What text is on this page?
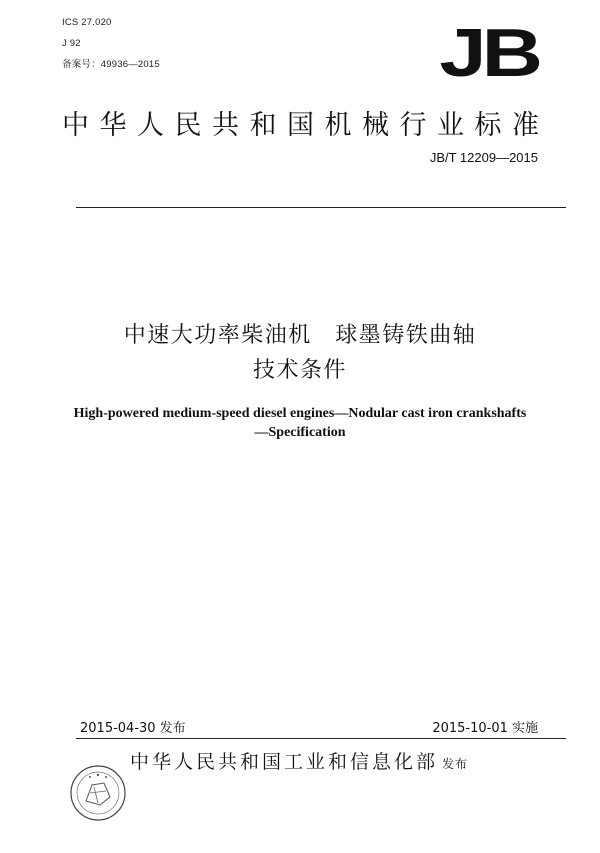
ICS 27.020
J 92
备案号：49936—2015	JB
中华人民共和国机械行业标准
JB/T 12209—2015
中速大功率柴油机　球墨铸铁曲轴
技术条件
High-powered medium-speed diesel engines—Nodular cast iron crankshafts
—Specification
2015-04-30 发布	2015-10-01 实施
中华人民共和国工业和信息化部 发布
